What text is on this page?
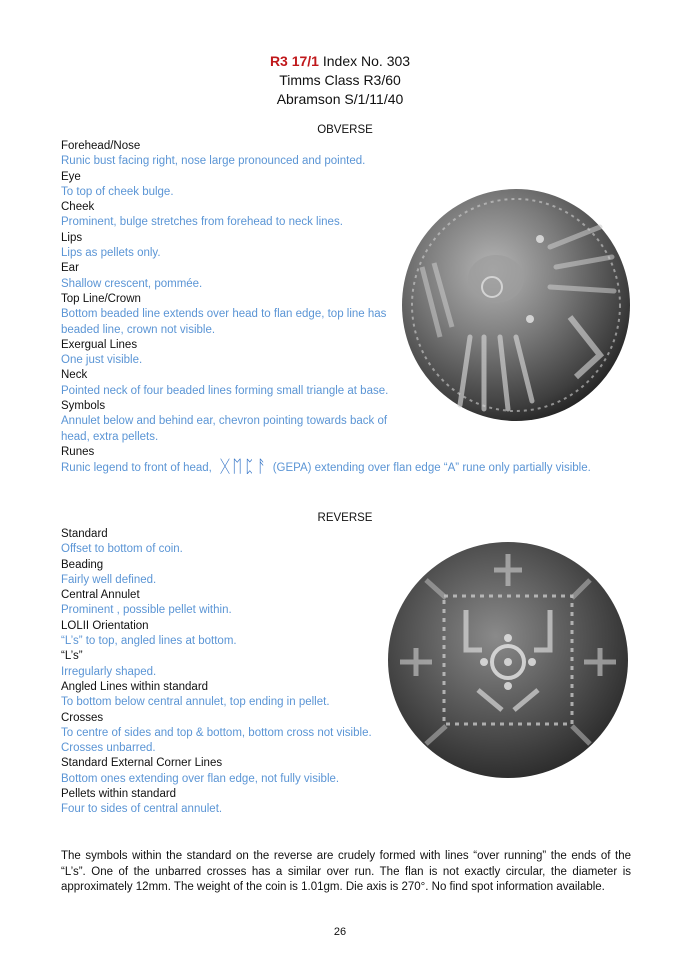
R3 17/1 Index No. 303
Timms Class R3/60
Abramson S/1/11/40
OBVERSE
Forehead/Nose
Runic bust facing right, nose large pronounced and pointed.
Eye
To top of cheek bulge.
Cheek
Prominent, bulge stretches from forehead to neck lines.
Lips
Lips as pellets only.
Ear
Shallow crescent, pommée.
Top Line/Crown
Bottom beaded line extends over head to flan edge, top line has beaded line, crown not visible.
Exergual Lines
One just visible.
Neck
Pointed neck of four beaded lines forming small triangle at base.
Symbols
Annulet below and behind ear, chevron pointing towards back of head, extra pellets.
Runes
Runic legend to front of head, ᚷᛖᛈᚨ (GEPA) extending over flan edge “A” rune only partially visible.
REVERSE
Standard
Offset to bottom of coin.
Beading
Fairly well defined.
Central Annulet
Prominent , possible pellet within.
LOLII Orientation
“L’s” to top, angled lines at bottom.
“L’s”
Irregularly shaped.
Angled Lines within standard
To bottom below central annulet, top ending in pellet.
Crosses
To centre of sides and top & bottom, bottom cross not visible.
Crosses unbarred.
Standard External Corner Lines
Bottom ones extending over flan edge, not fully visible.
Pellets within standard
Four to sides of central annulet.
The symbols within the standard on the reverse are crudely formed with lines “over running” the ends of the “L’s”. One of the unbarred crosses has a similar over run. The flan is not exactly circular, the diameter is approximately 12mm. The weight of the coin is 1.01gm. Die axis is 270°. No find spot information available.
26
